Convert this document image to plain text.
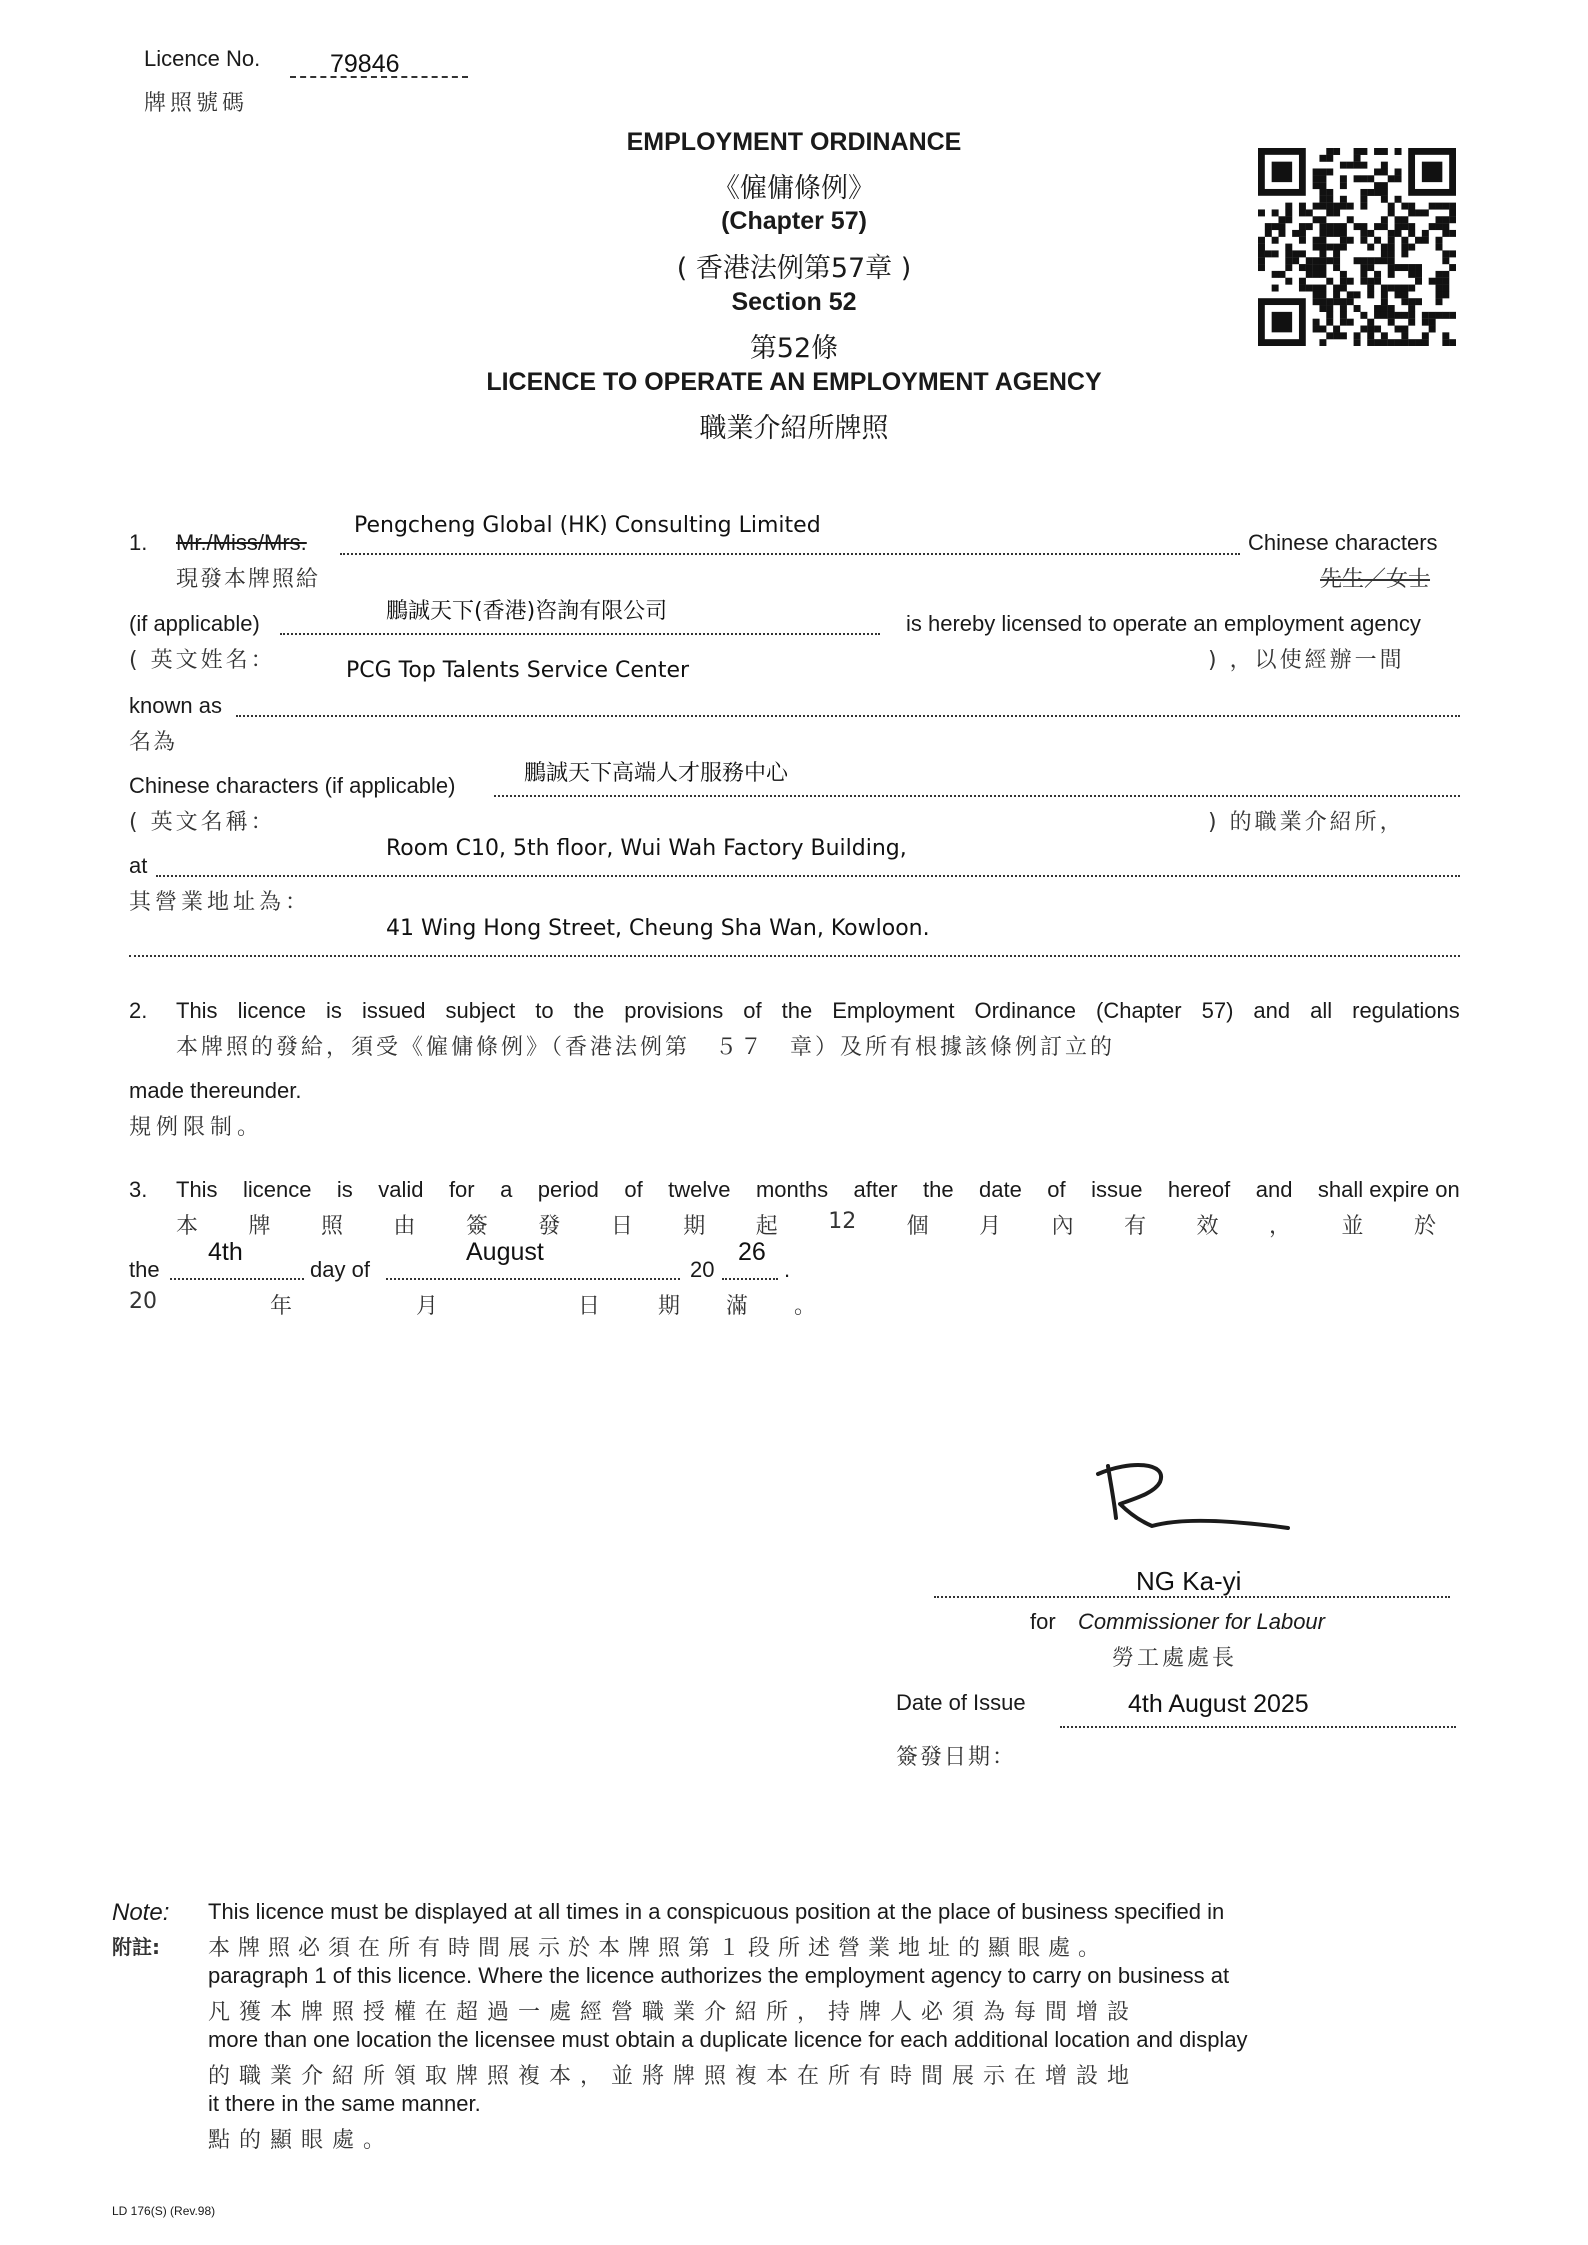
Licence No.	79846
牌照號碼
EMPLOYMENT ORDINANCE
《僱傭條例》
(Chapter 57)
( 香港法例第57章 )
Section 52
第52條
LICENCE TO OPERATE AN EMPLOYMENT AGENCY
職業介紹所牌照
1. Mr./Miss/Mrs.
Pengcheng Global (HK) Consulting Limited
Chinese characters
現發本牌照給	先生／女士
(if applicable)	鵬誠天下(香港)咨詢有限公司	is hereby licensed to operate an employment agency
( 英文姓名：	PCG Top Talents Service Center	) ，以使經辦一間
known as
名為
Chinese characters (if applicable)	鵬誠天下高端人才服務中心
( 英文名稱：	) 的職業介紹所，
Room C10, 5th floor, Wui Wah Factory Building,
at
其營業地址為：
41 Wing Hong Street, Cheung Sha Wan, Kowloon.
2. This licence is issued subject to the provisions of the Employment Ordinance (Chapter 57) and all regulations
本牌照的發給，須受《僱傭條例》（香港法例第　５７　章）及所有根據該條例訂立的
made thereunder.
規例限制。
3. This licence is valid for a period of twelve months after the date of issue hereof and shall expire on
本 牌 照 由 簽 發 日 期 起 12 個 月 內 有 效 ， 並 於
the
4th
day of
August
20
26
.
20	年	月	日	期 滿 。
NG Ka-yi
for Commissioner for Labour
勞工處處長
Date of Issue	4th August 2025
簽發日期：
Note:
附註:
This licence must be displayed at all times in a conspicuous position at the place of business specified in
本牌照必須在所有時間展示於本牌照第１段所述營業地址的顯眼處。
paragraph 1 of this licence. Where the licence authorizes the employment agency to carry on business at
凡獲本牌照授權在超過一處經營職業介紹所，持牌人必須為每間增設
more than one location the licensee must obtain a duplicate licence for each additional location and display
的職業介紹所領取牌照複本，並將牌照複本在所有時間展示在增設地
it there in the same manner.
點的顯眼處。
LD 176(S) (Rev.98)
